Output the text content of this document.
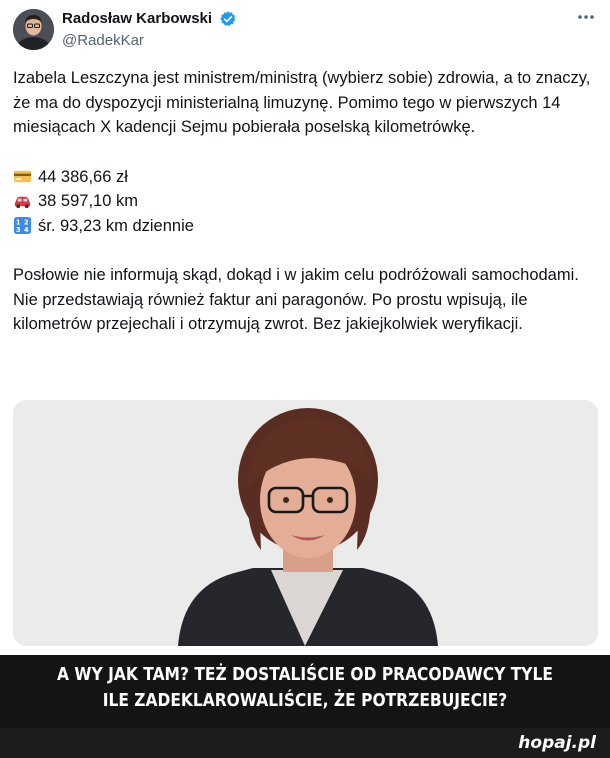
Radosław Karbowski
@RadekKar

Izabela Leszczyna jest ministrem/ministrą (wybierz sobie) zdrowia, a to znaczy, że ma do dyspozycji ministerialną limuzynę. Pomimo tego w pierwszych 14 miesiącach X kadencji Sejmu pobierała poselską kilometrówkę.

44 386,66 zł
38 597,10 km
1 2
3 4 śr. 93,23 km dziennie

Posłowie nie informują skąd, dokąd i w jakim celu podróżowali samochodami. Nie przedstawiają również faktur ani paragonów. Po prostu wpisują, ile kilometrów przejechali i otrzymują zwrot. Bez jakiejkolwiek weryfikacji.

A WY JAK TAM? TEŻ DOSTALIŚCIE OD PRACODAWCY TYLE

ILE ZADEKLAROWALIŚCIE, ŻE POTRZEBUJECIE?

hopaj.pl
